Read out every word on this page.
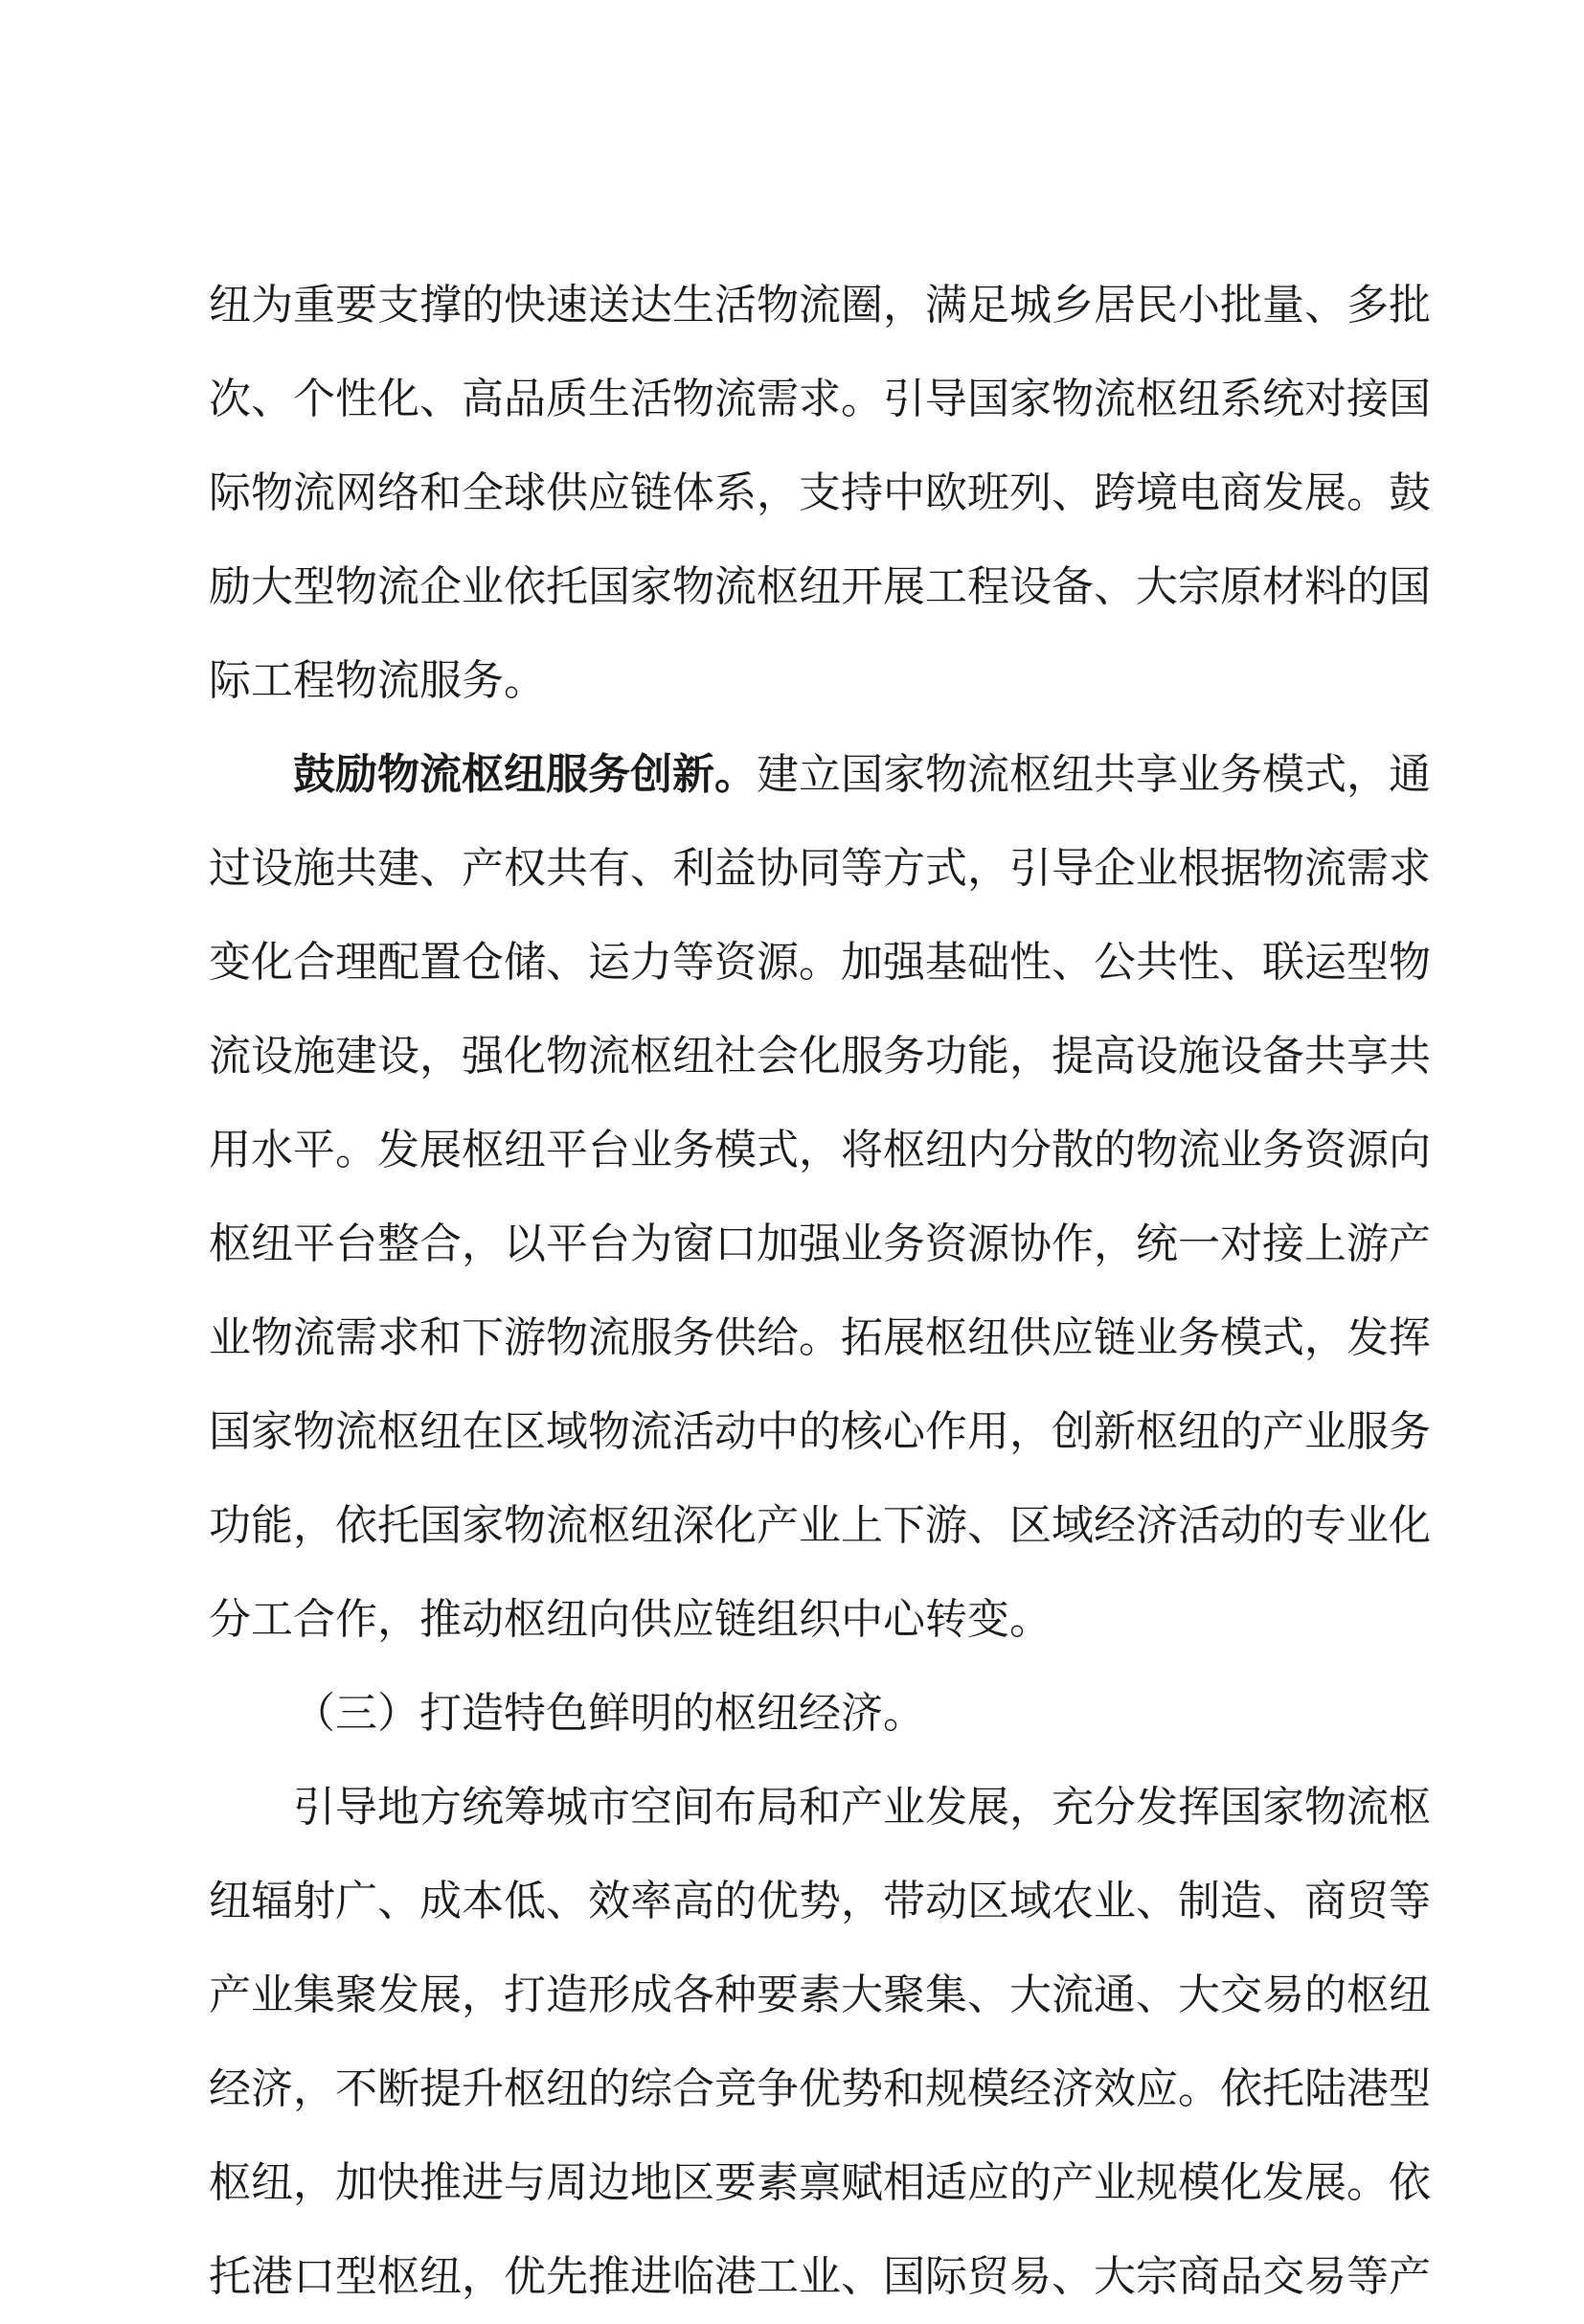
纽为重要支撑的快速送达生活物流圈，满足城乡居民小批量、多批
次、个性化、高品质生活物流需求。引导国家物流枢纽系统对接国
际物流网络和全球供应链体系，支持中欧班列、跨境电商发展。鼓
励大型物流企业依托国家物流枢纽开展工程设备、大宗原材料的国
际工程物流服务。
鼓励物流枢纽服务创新。建立国家物流枢纽共享业务模式，通
过设施共建、产权共有、利益协同等方式，引导企业根据物流需求
变化合理配置仓储、运力等资源。加强基础性、公共性、联运型物
流设施建设，强化物流枢纽社会化服务功能，提高设施设备共享共
用水平。发展枢纽平台业务模式，将枢纽内分散的物流业务资源向
枢纽平台整合，以平台为窗口加强业务资源协作，统一对接上游产
业物流需求和下游物流服务供给。拓展枢纽供应链业务模式，发挥
国家物流枢纽在区域物流活动中的核心作用，创新枢纽的产业服务
功能，依托国家物流枢纽深化产业上下游、区域经济活动的专业化
分工合作，推动枢纽向供应链组织中心转变。
（三）打造特色鲜明的枢纽经济。
引导地方统筹城市空间布局和产业发展，充分发挥国家物流枢
纽辐射广、成本低、效率高的优势，带动区域农业、制造、商贸等
产业集聚发展，打造形成各种要素大聚集、大流通、大交易的枢纽
经济，不断提升枢纽的综合竞争优势和规模经济效应。依托陆港型
枢纽，加快推进与周边地区要素禀赋相适应的产业规模化发展。依
托港口型枢纽，优先推进临港工业、国际贸易、大宗商品交易等产
